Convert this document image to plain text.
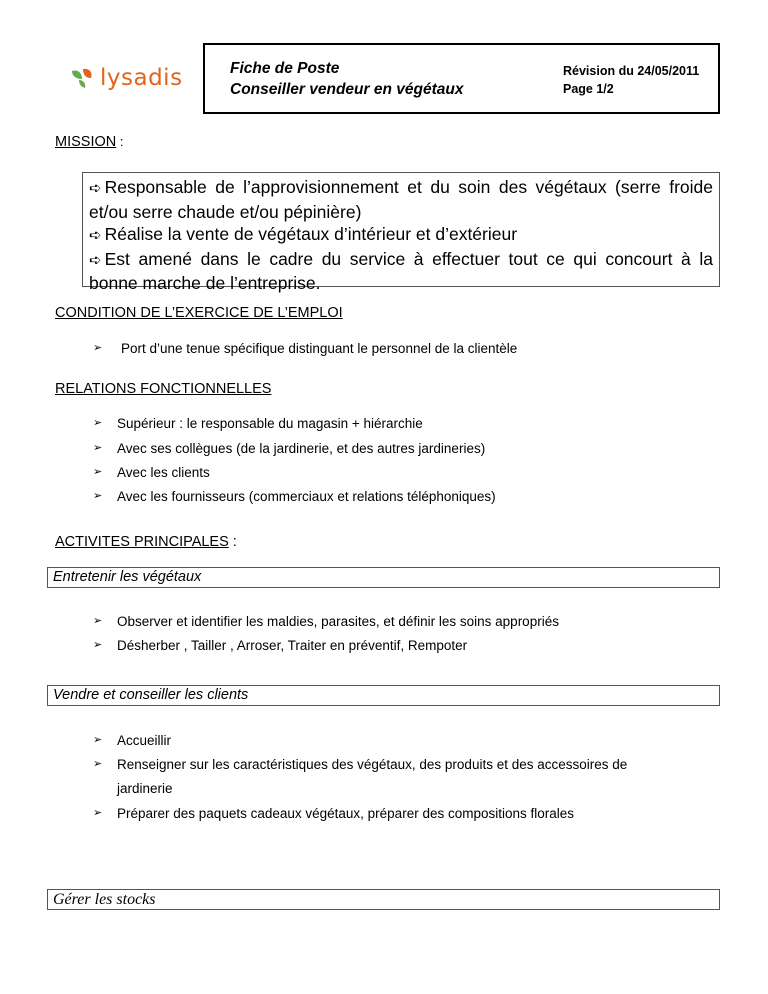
lysadis	Fiche de Poste
Conseiller vendeur en végétaux
Révision du 24/05/2011
Page 1/2
MISSION :
➪ Responsable de l’approvisionnement et du soin des végétaux (serre froide et/ou serre chaude et/ou pépinière)
➪ Réalise la vente de végétaux d’intérieur et d’extérieur
➪ Est amené dans le cadre du service à effectuer tout ce qui concourt à la bonne marche de l’entreprise.
CONDITION DE L’EXERCICE DE L’EMPLOI
➢	Port d’une tenue spécifique distinguant le personnel de la clientèle
RELATIONS FONCTIONNELLES
➢	Supérieur : le responsable du magasin + hiérarchie
➢	Avec ses collègues (de la jardinerie, et des autres jardineries)
➢	Avec les clients
➢	Avec les fournisseurs (commerciaux et relations téléphoniques)
ACTIVITES PRINCIPALES :
Entretenir les végétaux
➢	Observer et identifier les maldies, parasites, et définir les soins appropriés
➢	Désherber , Tailler , Arroser, Traiter en préventif, Rempoter
Vendre et conseiller les clients
➢	Accueillir
➢	Renseigner sur les caractéristiques des végétaux, des produits et des accessoires de
jardinerie
➢	Préparer des paquets cadeaux végétaux, préparer des compositions florales
Gérer les stocks
